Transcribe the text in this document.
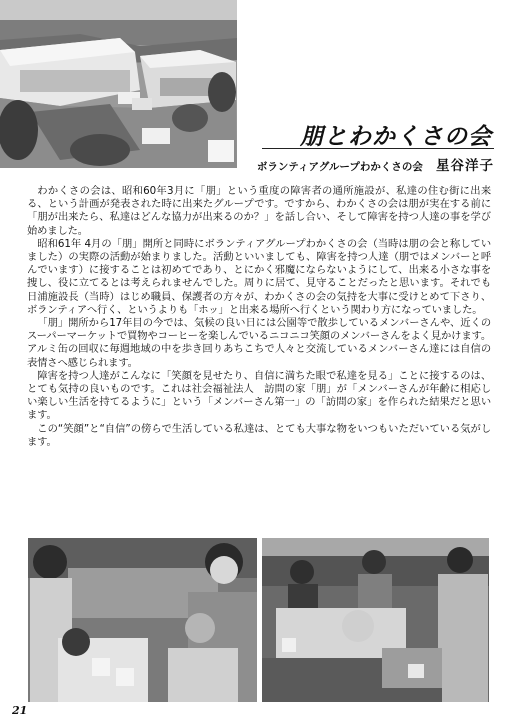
朋とわかくさの会
ボランティアグループわかくさの会 星谷洋子

わかくさの会は、昭和60年3月に「朋」という重度の障害者の通所施設が、私達の住む街に出来る、という計画が発表された時に出来たグループです。ですから、わかくさの会は朋が実在する前に「朋が出来たら、私達はどんな協力が出来るのか？」を話し合い、そして障害を持つ人達の事を学び始めました。

昭和61年 4月の「朋」開所と同時にボランティアグループわかくさの会（当時は朋の会と称していました）の実際の活動が始まりました。活動といいましても、障害を持つ人達（朋ではメンバーと呼んでいます）に接することは初めてであり、とにかく邪魔にならないようにして、出来る小さな事を捜し、役に立てるとは考えられませんでした。周りに居て、見守ることだったと思います。それでも日浦施設長（当時）はじめ職員、保護者の方々が、わかくさの会の気持を大事に受けとめて下さり、ボランティアへ行く、というよりも「ホッ」と出来る場所へ行くという関わり方になっていました。

「朋」開所から17年目の今では、気候の良い日には公園等で散歩しているメンバーさんや、近くのスーパーマーケットで買物やコーヒーを楽しんでいるニコニコ笑顔のメンバーさんをよく見かけます。アルミ缶の回収に毎週地域の中を歩き回りあちこちで人々と交流しているメンバーさん達には自信の表情さへ感じられます。

障害を持つ人達がこんなに「笑顔を見せたり、自信に満ちた眼で私達を見る」ことに接するのは、とても気持の良いものです。これは社会福祉法人　訪問の家「朋」が「メンバーさんが年齢に相応しい楽しい生活を持てるように」という「メンバーさん第一」の「訪問の家」を作られた結果だと思います。

この“笑顔”と“自信”の傍らで生活している私達は、とても大事な物をいつもいただいている気がします。

21
